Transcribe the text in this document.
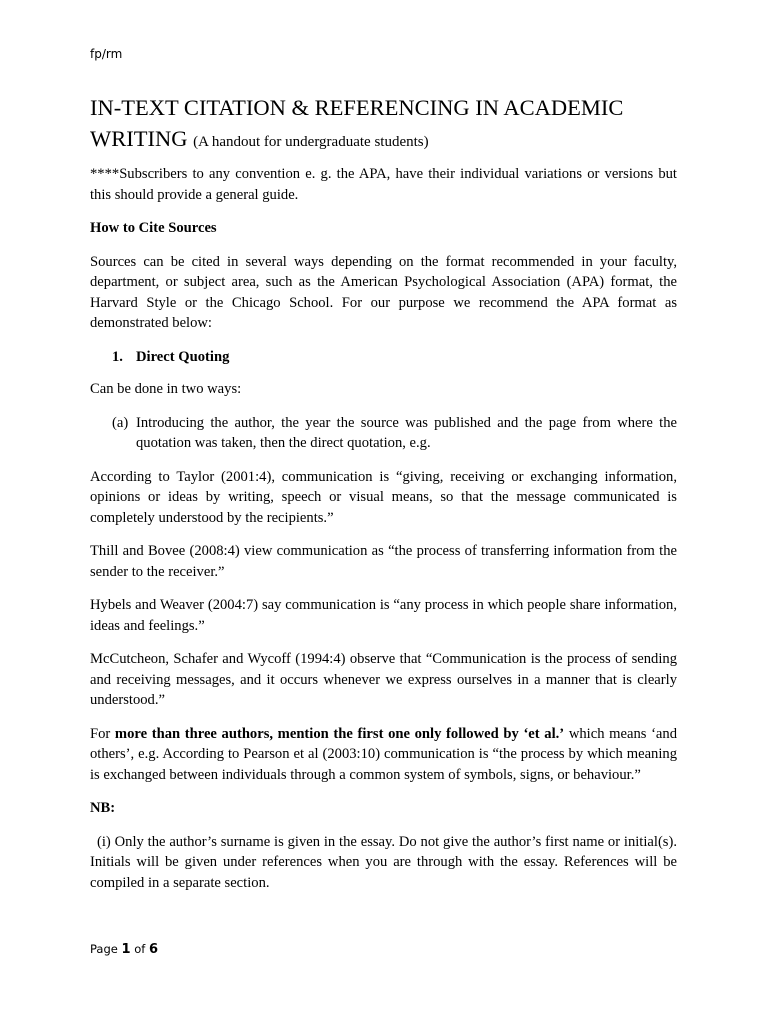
fp/rm
IN-TEXT CITATION & REFERENCING IN ACADEMIC WRITING (A handout for undergraduate students)

****Subscribers to any convention e. g. the APA, have their individual variations or versions but this should provide a general guide.

How to Cite Sources

Sources can be cited in several ways depending on the format recommended in your faculty, department, or subject area, such as the American Psychological Association (APA) format, the Harvard Style or the Chicago School. For our purpose we recommend the APA format as demonstrated below:

1. Direct Quoting

Can be done in two ways:

(a) Introducing the author, the year the source was published and the page from where the quotation was taken, then the direct quotation, e.g.

According to Taylor (2001:4), communication is “giving, receiving or exchanging information, opinions or ideas by writing, speech or visual means, so that the message communicated is completely understood by the recipients.”

Thill and Bovee (2008:4) view communication as “the process of transferring information from the sender to the receiver.”

Hybels and Weaver (2004:7) say communication is “any process in which people share information, ideas and feelings.”

McCutcheon, Schafer and Wycoff (1994:4) observe that “Communication is the process of sending and receiving messages, and it occurs whenever we express ourselves in a manner that is clearly understood.”

For more than three authors, mention the first one only followed by ‘et al.’ which means ‘and others’, e.g. According to Pearson et al (2003:10) communication is “the process by which meaning is exchanged between individuals through a common system of symbols, signs, or behaviour.”

NB:

(i) Only the author’s surname is given in the essay. Do not give the author’s first name or initial(s). Initials will be given under references when you are through with the essay. References will be compiled in a separate section.

Page 1 of 6
